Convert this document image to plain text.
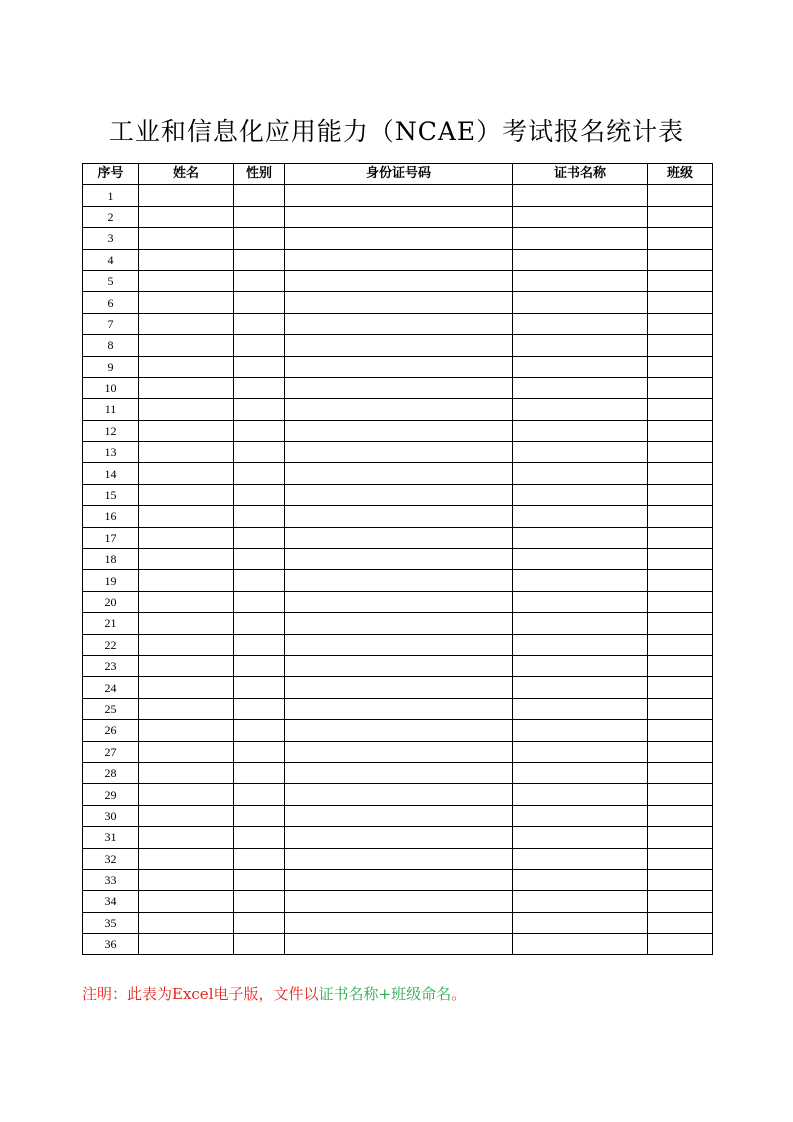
工业和信息化应用能力（NCAE）考试报名统计表
序号	姓名	性别	身份证号码	证书名称	班级
1					
2					
3					
4					
5					
6					
7					
8					
9					
10					
11					
12					
13					
14					
15					
16					
17					
18					
19					
20					
21					
22					
23					
24					
25					
26					
27					
28					
29					
30					
31					
32					
33					
34					
35					
36					
注明：此表为Excel电子版，文件以证书名称+班级命名。
